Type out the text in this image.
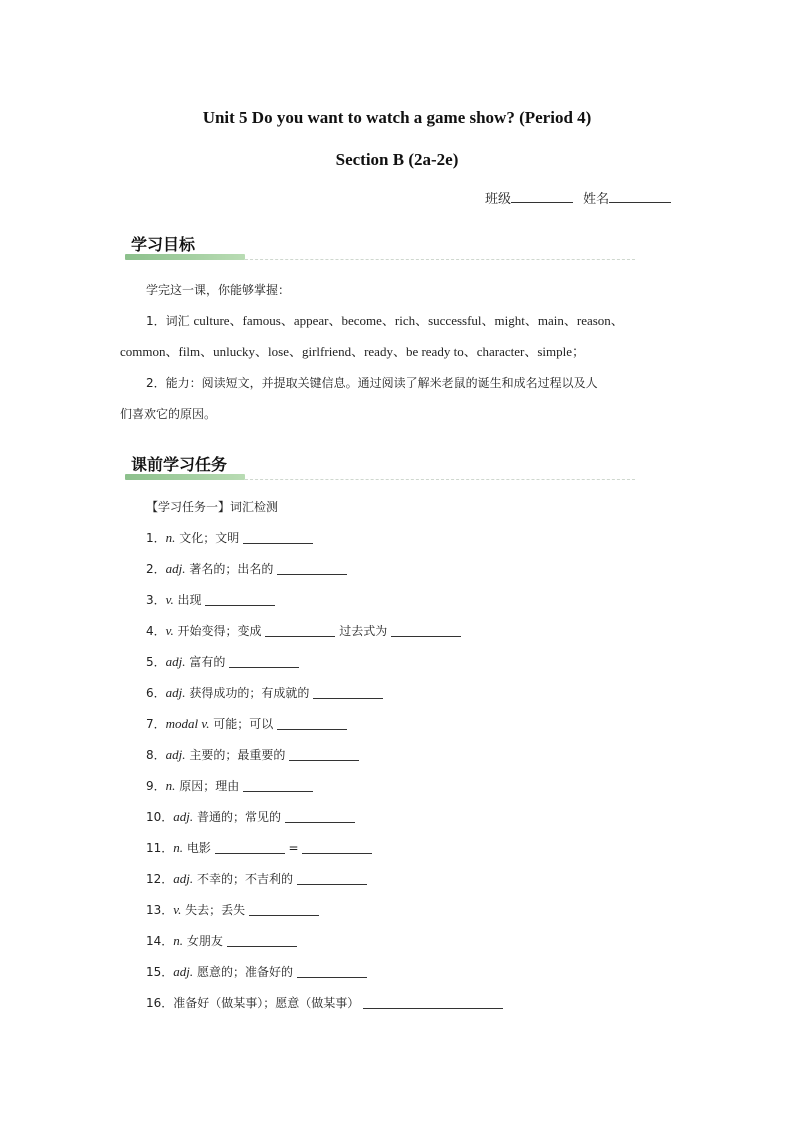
Unit 5 Do you want to watch a game show? (Period 4)
Section B (2a-2e)
班级	姓名
学习目标
学完这一课，你能够掌握：
1．词汇 culture、famous、appear、become、rich、successful、might、main、reason、
common、film、unlucky、lose、girlfriend、ready、be ready to、character、simple；
2．能力：阅读短文，并提取关键信息。通过阅读了解米老鼠的诞生和成名过程以及人
们喜欢它的原因。
课前学习任务
【学习任务一】词汇检测
1．n. 文化；文明
2．adj. 著名的；出名的
3．v. 出现
4．v. 开始变得；变成	过去式为
5．adj. 富有的
6．adj. 获得成功的；有成就的
7．modal v. 可能；可以
8．adj. 主要的；最重要的
9．n. 原因；理由
10．adj. 普通的；常见的
11．n. 电影	=
12．adj. 不幸的；不吉利的
13．v. 失去；丢失
14．n. 女朋友
15．adj. 愿意的；准备好的
16．准备好（做某事）；愿意（做某事）
